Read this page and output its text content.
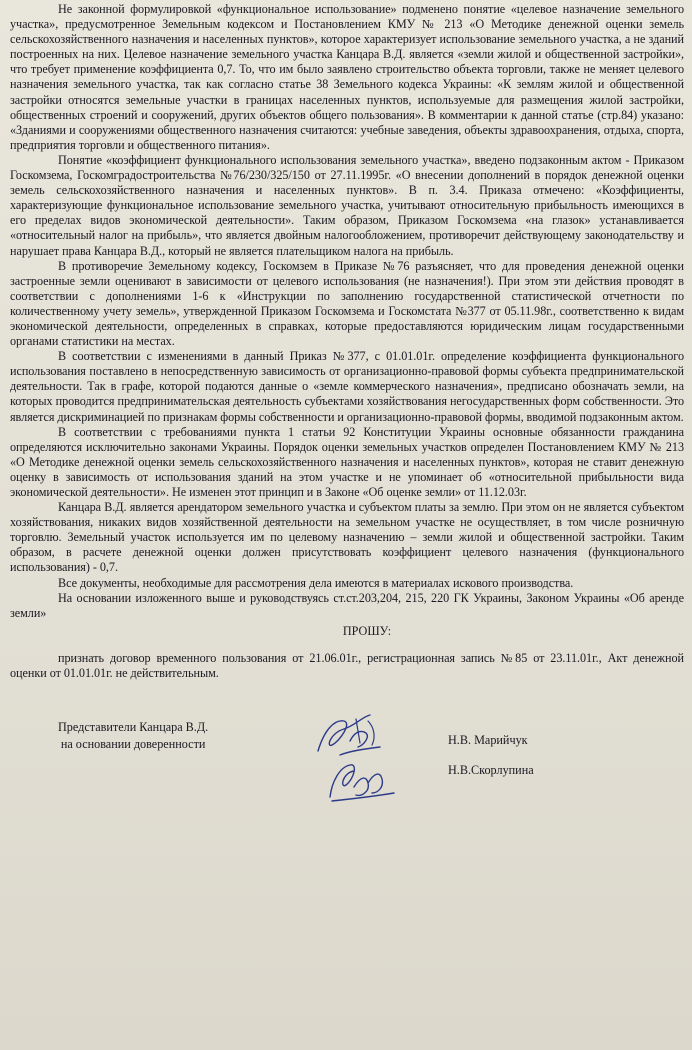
Не законной формулировкой «функциональное использование» подменено понятие «целевое назначение земельного участка», предусмотренное Земельным кодексом и Постановлением КМУ № 213 «О Методике денежной оценки земель сельскохозяйственного назначения и населенных пунктов», которое характеризует использование земельного участка, а не зданий построенных на них. Целевое назначение земельного участка Канцара В.Д. является «земли жилой и общественной застройки», что требует применение коэффициента 0,7. То, что им было заявлено строительство объекта торговли, также не меняет целевого назначения земельного участка, так как согласно статье 38 Земельного кодекса Украины: «К землям жилой и общественной застройки относятся земельные участки в границах населенных пунктов, используемые для размещения жилой застройки, общественных строений и сооружений, других объектов общего пользования». В комментарии к данной статье (стр.84) указано: «Зданиями и сооружениями общественного назначения считаются: учебные заведения, объекты здравоохранения, отдыха, спорта, предприятия торговли и общественного питания».

Понятие «коэффициент функционального использования земельного участка», введено подзаконным актом - Приказом Госкомзема, Госкомградостроительства №76/230/325/150 от 27.11.1995г. «О внесении дополнений в порядок денежной оценки земель сельскохозяйственного назначения и населенных пунктов». В п. 3.4. Приказа отмечено: «Коэффициенты, характеризующие функциональное использование земельного участка, учитывают относительную прибыльность имеющихся в его пределах видов экономической деятельности». Таким образом, Приказом Госкомзема «на глазок» устанавливается «относительный налог на прибыль», что является двойным налогообложением, противоречит действующему законодательству и нарушает права Канцара В.Д., который не является плательщиком налога на прибыль.

В противоречие Земельному кодексу, Госкомзем в Приказе №76 разъясняет, что для проведения денежной оценки застроенные земли оценивают в зависимости от целевого использования (не назначения!). При этом эти действия проводят в соответствии с дополнениями 1-6 к «Инструкции по заполнению государственной статистической отчетности по количественному учету земель», утвержденной Приказом Госкомзема и Госкомстата №377 от 05.11.98г., соответственно к видам экономической деятельности, определенных в справках, которые предоставляются юридическим лицам государственными органами статистики на местах.

В соответствии с изменениями в данный Приказ №377, с 01.01.01г. определение коэффициента функционального использования поставлено в непосредственную зависимость от организационно-правовой формы субъекта предпринимательской деятельности. Так в графе, которой подаются данные о «земле коммерческого назначения», предписано обозначать земли, на которых проводится предпринимательская деятельность субъектами хозяйствования негосударственных форм собственности. Это является дискриминацией по признакам формы собственности и организационно-правовой формы, вводимой подзаконным актом.

В соответствии с требованиями пункта 1 статьи 92 Конституции Украины основные обязанности гражданина определяются исключительно законами Украины. Порядок оценки земельных участков определен Постановлением КМУ № 213 «О Методике денежной оценки земель сельскохозяйственного назначения и населенных пунктов», которая не ставит денежную оценку в зависимость от использования зданий на этом участке и не упоминает об «относительной прибыльности вида экономической деятельности». Не изменен этот принцип и в Законе «Об оценке земли» от 11.12.03г.

Канцара В.Д. является арендатором земельного участка и субъектом платы за землю. При этом он не является субъектом хозяйствования, никаких видов хозяйственной деятельности на земельном участке не осуществляет, в том числе розничную торговлю. Земельный участок используется им по целевому назначению – земли жилой и общественной застройки. Таким образом, в расчете денежной оценки должен присутствовать коэффициент целевого назначения (функционального использования) - 0,7.

Все документы, необходимые для рассмотрения дела имеются в материалах искового производства.

На основании изложенного выше и руководствуясь ст.ст.203,204, 215, 220 ГК Украины, Законом Украины «Об аренде земли»

ПРОШУ:

признать договор временного пользования от 21.06.01г., регистрационная запись №85 от 23.11.01г., Акт денежной оценки от 01.01.01г. не действительным.

Представители Канцара В.Д.
на основании доверенности	Н.В. Марийчук
Н.В.Скорлупина
